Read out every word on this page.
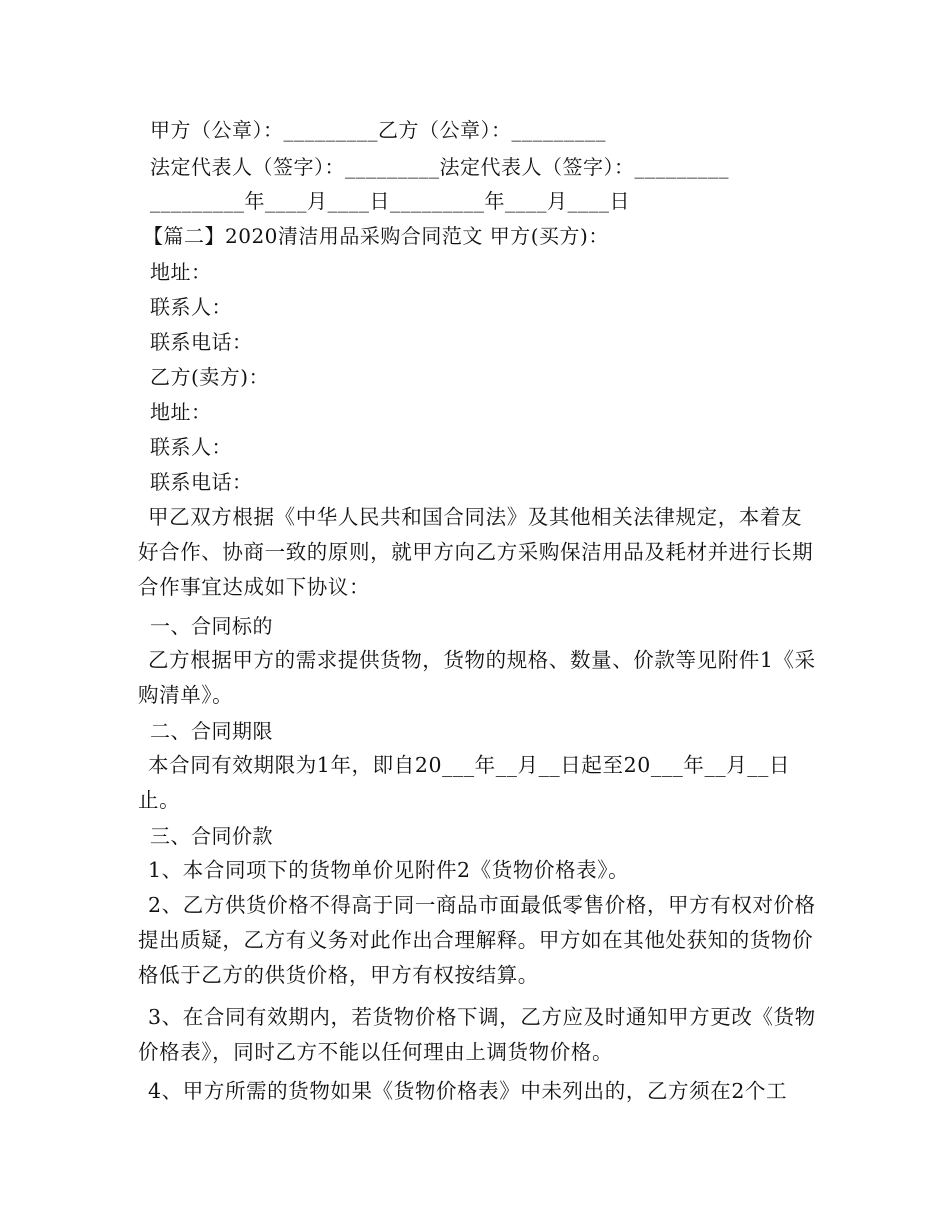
甲方（公章）：_________乙方（公章）：_________
法定代表人（签字）：_________法定代表人（签字）：_________
_________年____月____日_________年____月____日
【篇二】2020清洁用品采购合同范文 甲方(买方)：
地址：
联系人：
联系电话：
乙方(卖方)：
地址：
联系人：
联系电话：
甲乙双方根据《中华人民共和国合同法》及其他相关法律规定，本着友好合作、协商一致的原则，就甲方向乙方采购保洁用品及耗材并进行长期合作事宜达成如下协议：
一、合同标的
乙方根据甲方的需求提供货物，货物的规格、数量、价款等见附件1《采购清单》。
二、合同期限
本合同有效期限为1年，即自20___年__月__日起至20___年__月__日止。
三、合同价款
1、本合同项下的货物单价见附件2《货物价格表》。
2、乙方供货价格不得高于同一商品市面最低零售价格，甲方有权对价格提出质疑，乙方有义务对此作出合理解释。甲方如在其他处获知的货物价格低于乙方的供货价格，甲方有权按结算。
3、在合同有效期内，若货物价格下调，乙方应及时通知甲方更改《货物价格表》，同时乙方不能以任何理由上调货物价格。
4、甲方所需的货物如果《货物价格表》中未列出的，乙方须在2个工
